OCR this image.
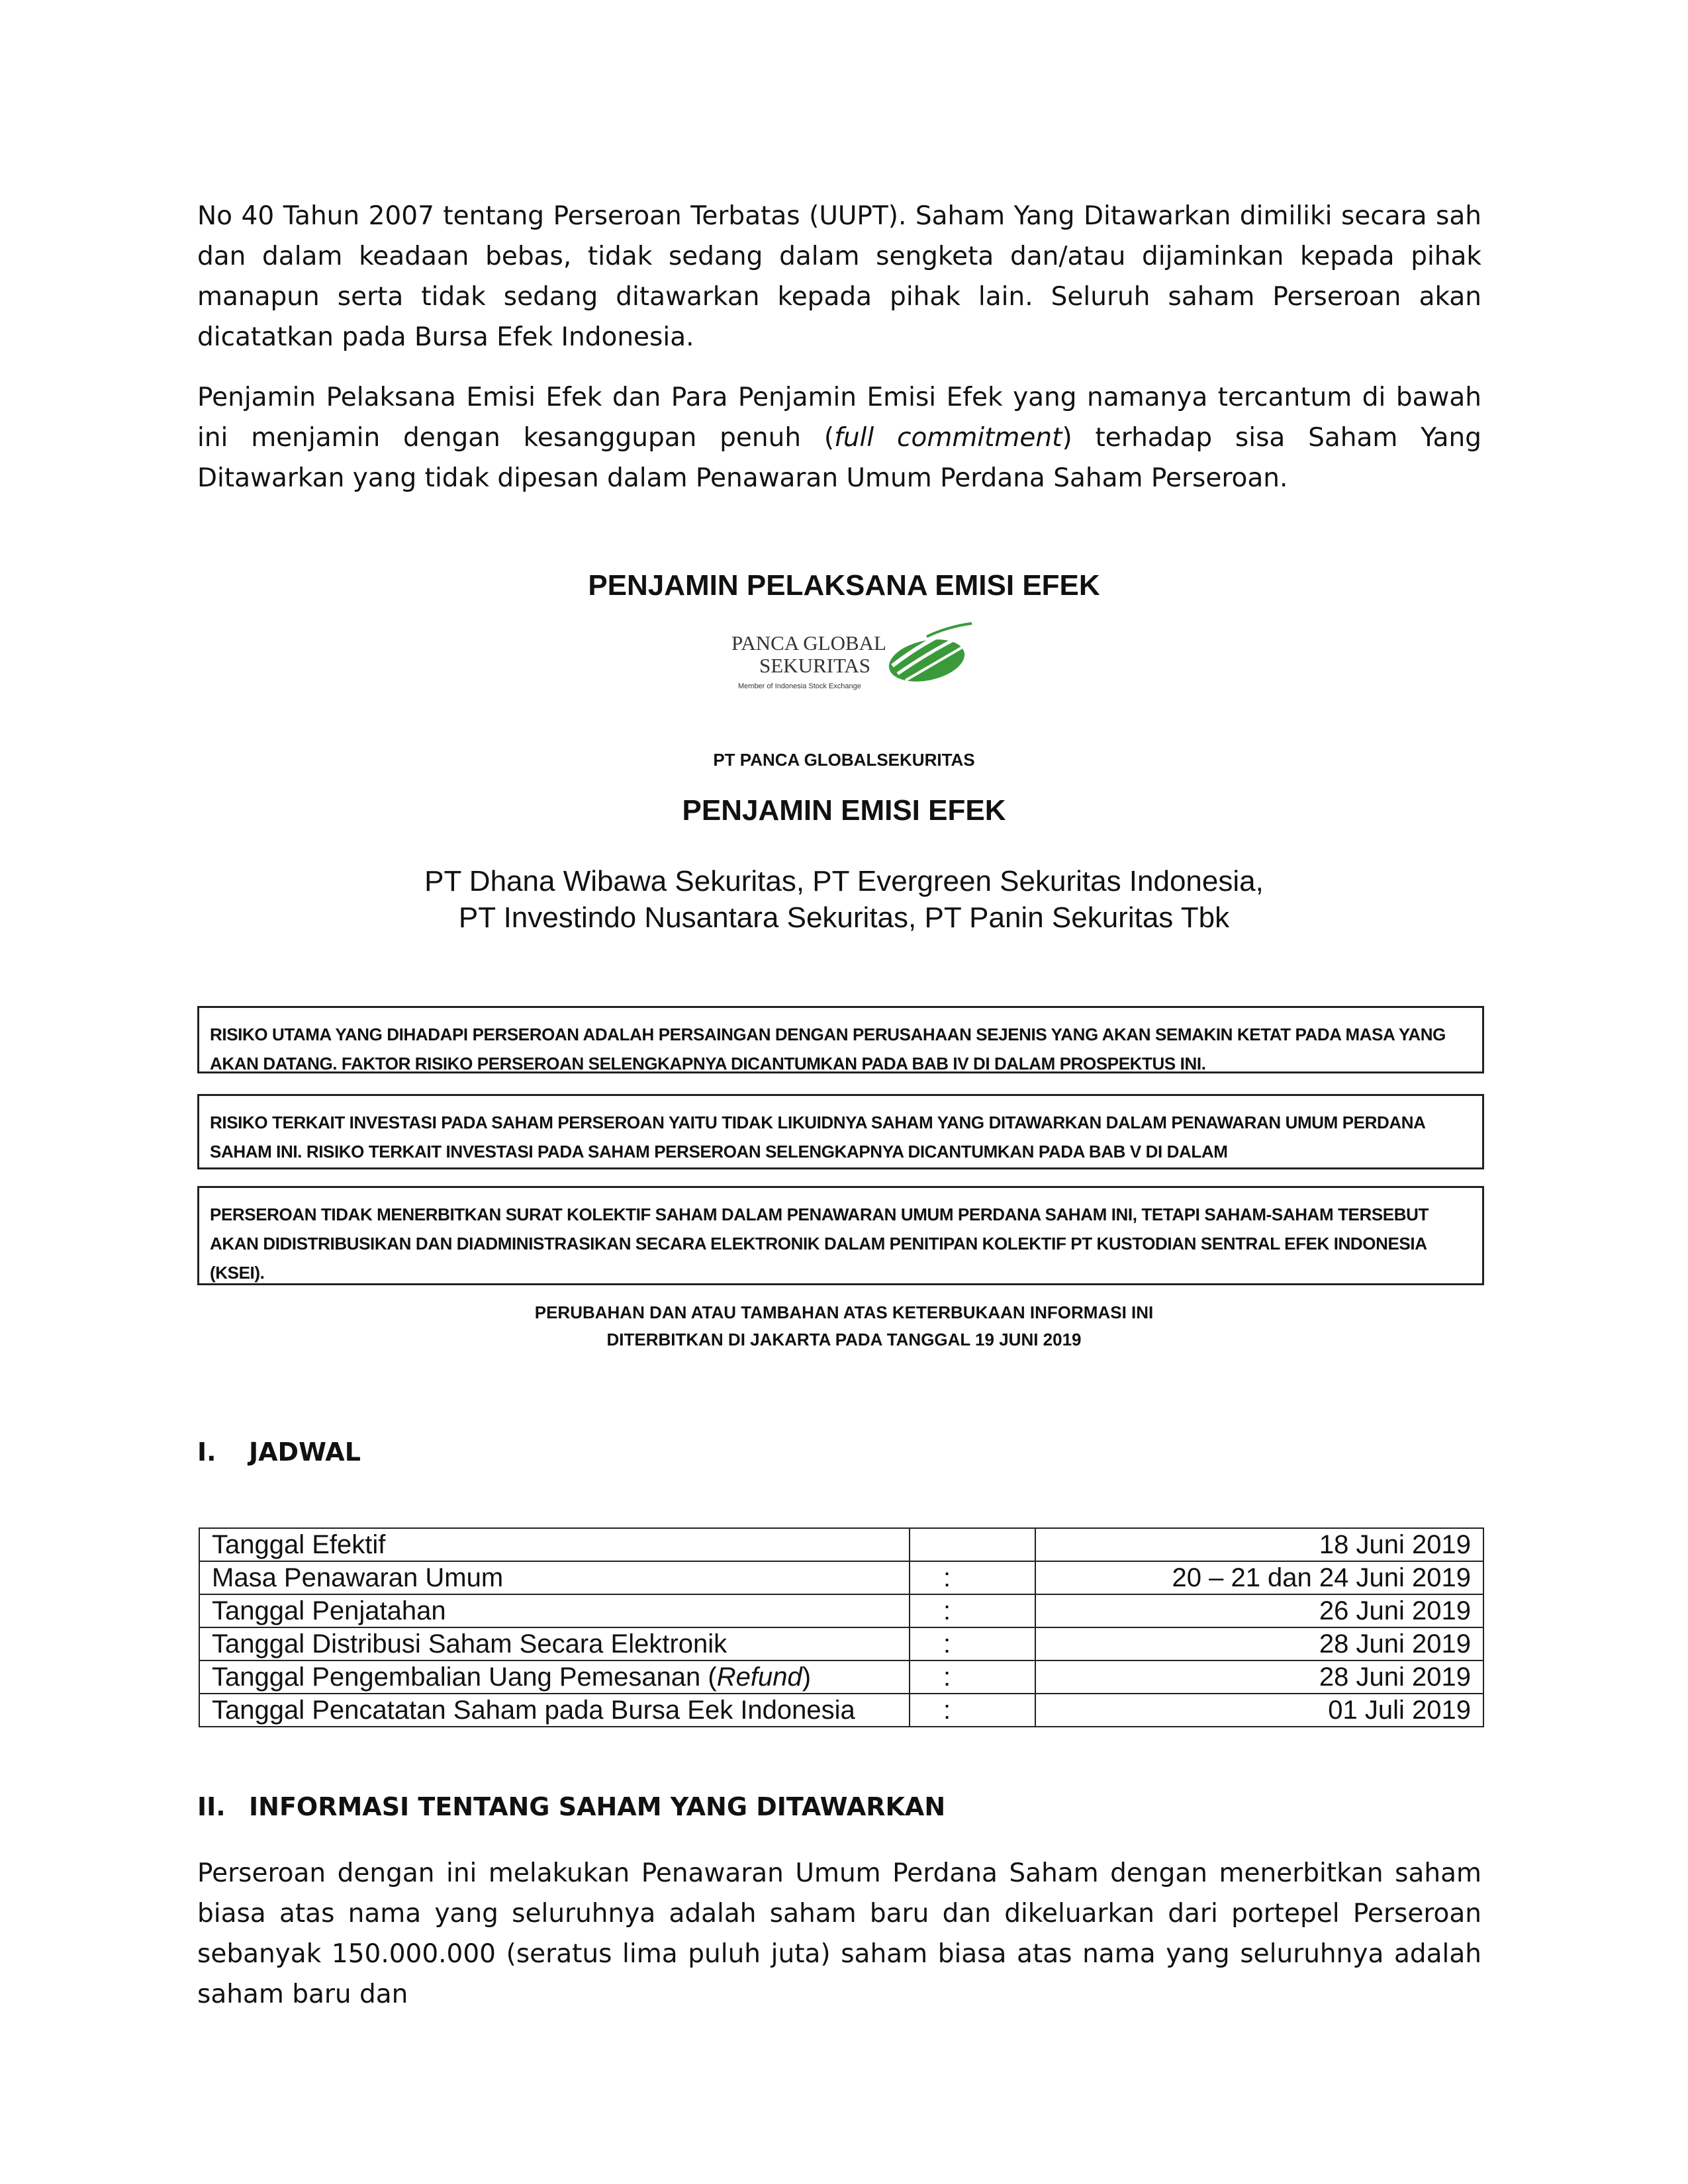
No 40 Tahun 2007 tentang Perseroan Terbatas (UUPT). Saham Yang Ditawarkan dimiliki secara sah dan dalam keadaan bebas, tidak sedang dalam sengketa dan/atau dijaminkan kepada pihak manapun serta tidak sedang ditawarkan kepada pihak lain. Seluruh saham Perseroan akan dicatatkan pada Bursa Efek Indonesia.

Penjamin Pelaksana Emisi Efek dan Para Penjamin Emisi Efek yang namanya tercantum di bawah ini menjamin dengan kesanggupan penuh (full commitment) terhadap sisa Saham Yang Ditawarkan yang tidak dipesan dalam Penawaran Umum Perdana Saham Perseroan.

PENJAMIN PELAKSANA EMISI EFEK
PANCA GLOBAL
SEKURITAS
Member of Indonesia Stock Exchange
PT PANCA GLOBALSEKURITAS
PENJAMIN EMISI EFEK
PT Dhana Wibawa Sekuritas, PT Evergreen Sekuritas Indonesia,
PT Investindo Nusantara Sekuritas, PT Panin Sekuritas Tbk
RISIKO UTAMA YANG DIHADAPI PERSEROAN ADALAH PERSAINGAN DENGAN PERUSAHAAN SEJENIS YANG AKAN SEMAKIN KETAT PADA MASA YANG AKAN DATANG. FAKTOR RISIKO PERSEROAN SELENGKAPNYA DICANTUMKAN PADA BAB IV DI DALAM PROSPEKTUS INI.
RISIKO TERKAIT INVESTASI PADA SAHAM PERSEROAN YAITU TIDAK LIKUIDNYA SAHAM YANG DITAWARKAN DALAM PENAWARAN UMUM PERDANA SAHAM INI. RISIKO TERKAIT INVESTASI PADA SAHAM PERSEROAN SELENGKAPNYA DICANTUMKAN PADA BAB V DI DALAM
PERSEROAN TIDAK MENERBITKAN SURAT KOLEKTIF SAHAM DALAM PENAWARAN UMUM PERDANA SAHAM INI, TETAPI SAHAM-SAHAM TERSEBUT AKAN DIDISTRIBUSIKAN DAN DIADMINISTRASIKAN SECARA ELEKTRONIK DALAM PENITIPAN KOLEKTIF PT KUSTODIAN SENTRAL EFEK INDONESIA (KSEI).
PERUBAHAN DAN ATAU TAMBAHAN ATAS KETERBUKAAN INFORMASI INI
DITERBITKAN DI JAKARTA PADA TANGGAL 19 JUNI 2019
I. JADWAL
Tanggal Efektif		18 Juni 2019
Masa Penawaran Umum	:	20 – 21 dan 24 Juni 2019
Tanggal Penjatahan	:	26 Juni 2019
Tanggal Distribusi Saham Secara Elektronik	:	28 Juni 2019
Tanggal Pengembalian Uang Pemesanan (Refund)	:	28 Juni 2019
Tanggal Pencatatan Saham pada Bursa Eek Indonesia	:	01 Juli 2019
II. INFORMASI TENTANG SAHAM YANG DITAWARKAN

Perseroan dengan ini melakukan Penawaran Umum Perdana Saham dengan menerbitkan saham biasa atas nama yang seluruhnya adalah saham baru dan dikeluarkan dari portepel Perseroan sebanyak 150.000.000 (seratus lima puluh juta) saham biasa atas nama yang seluruhnya adalah saham baru dan
